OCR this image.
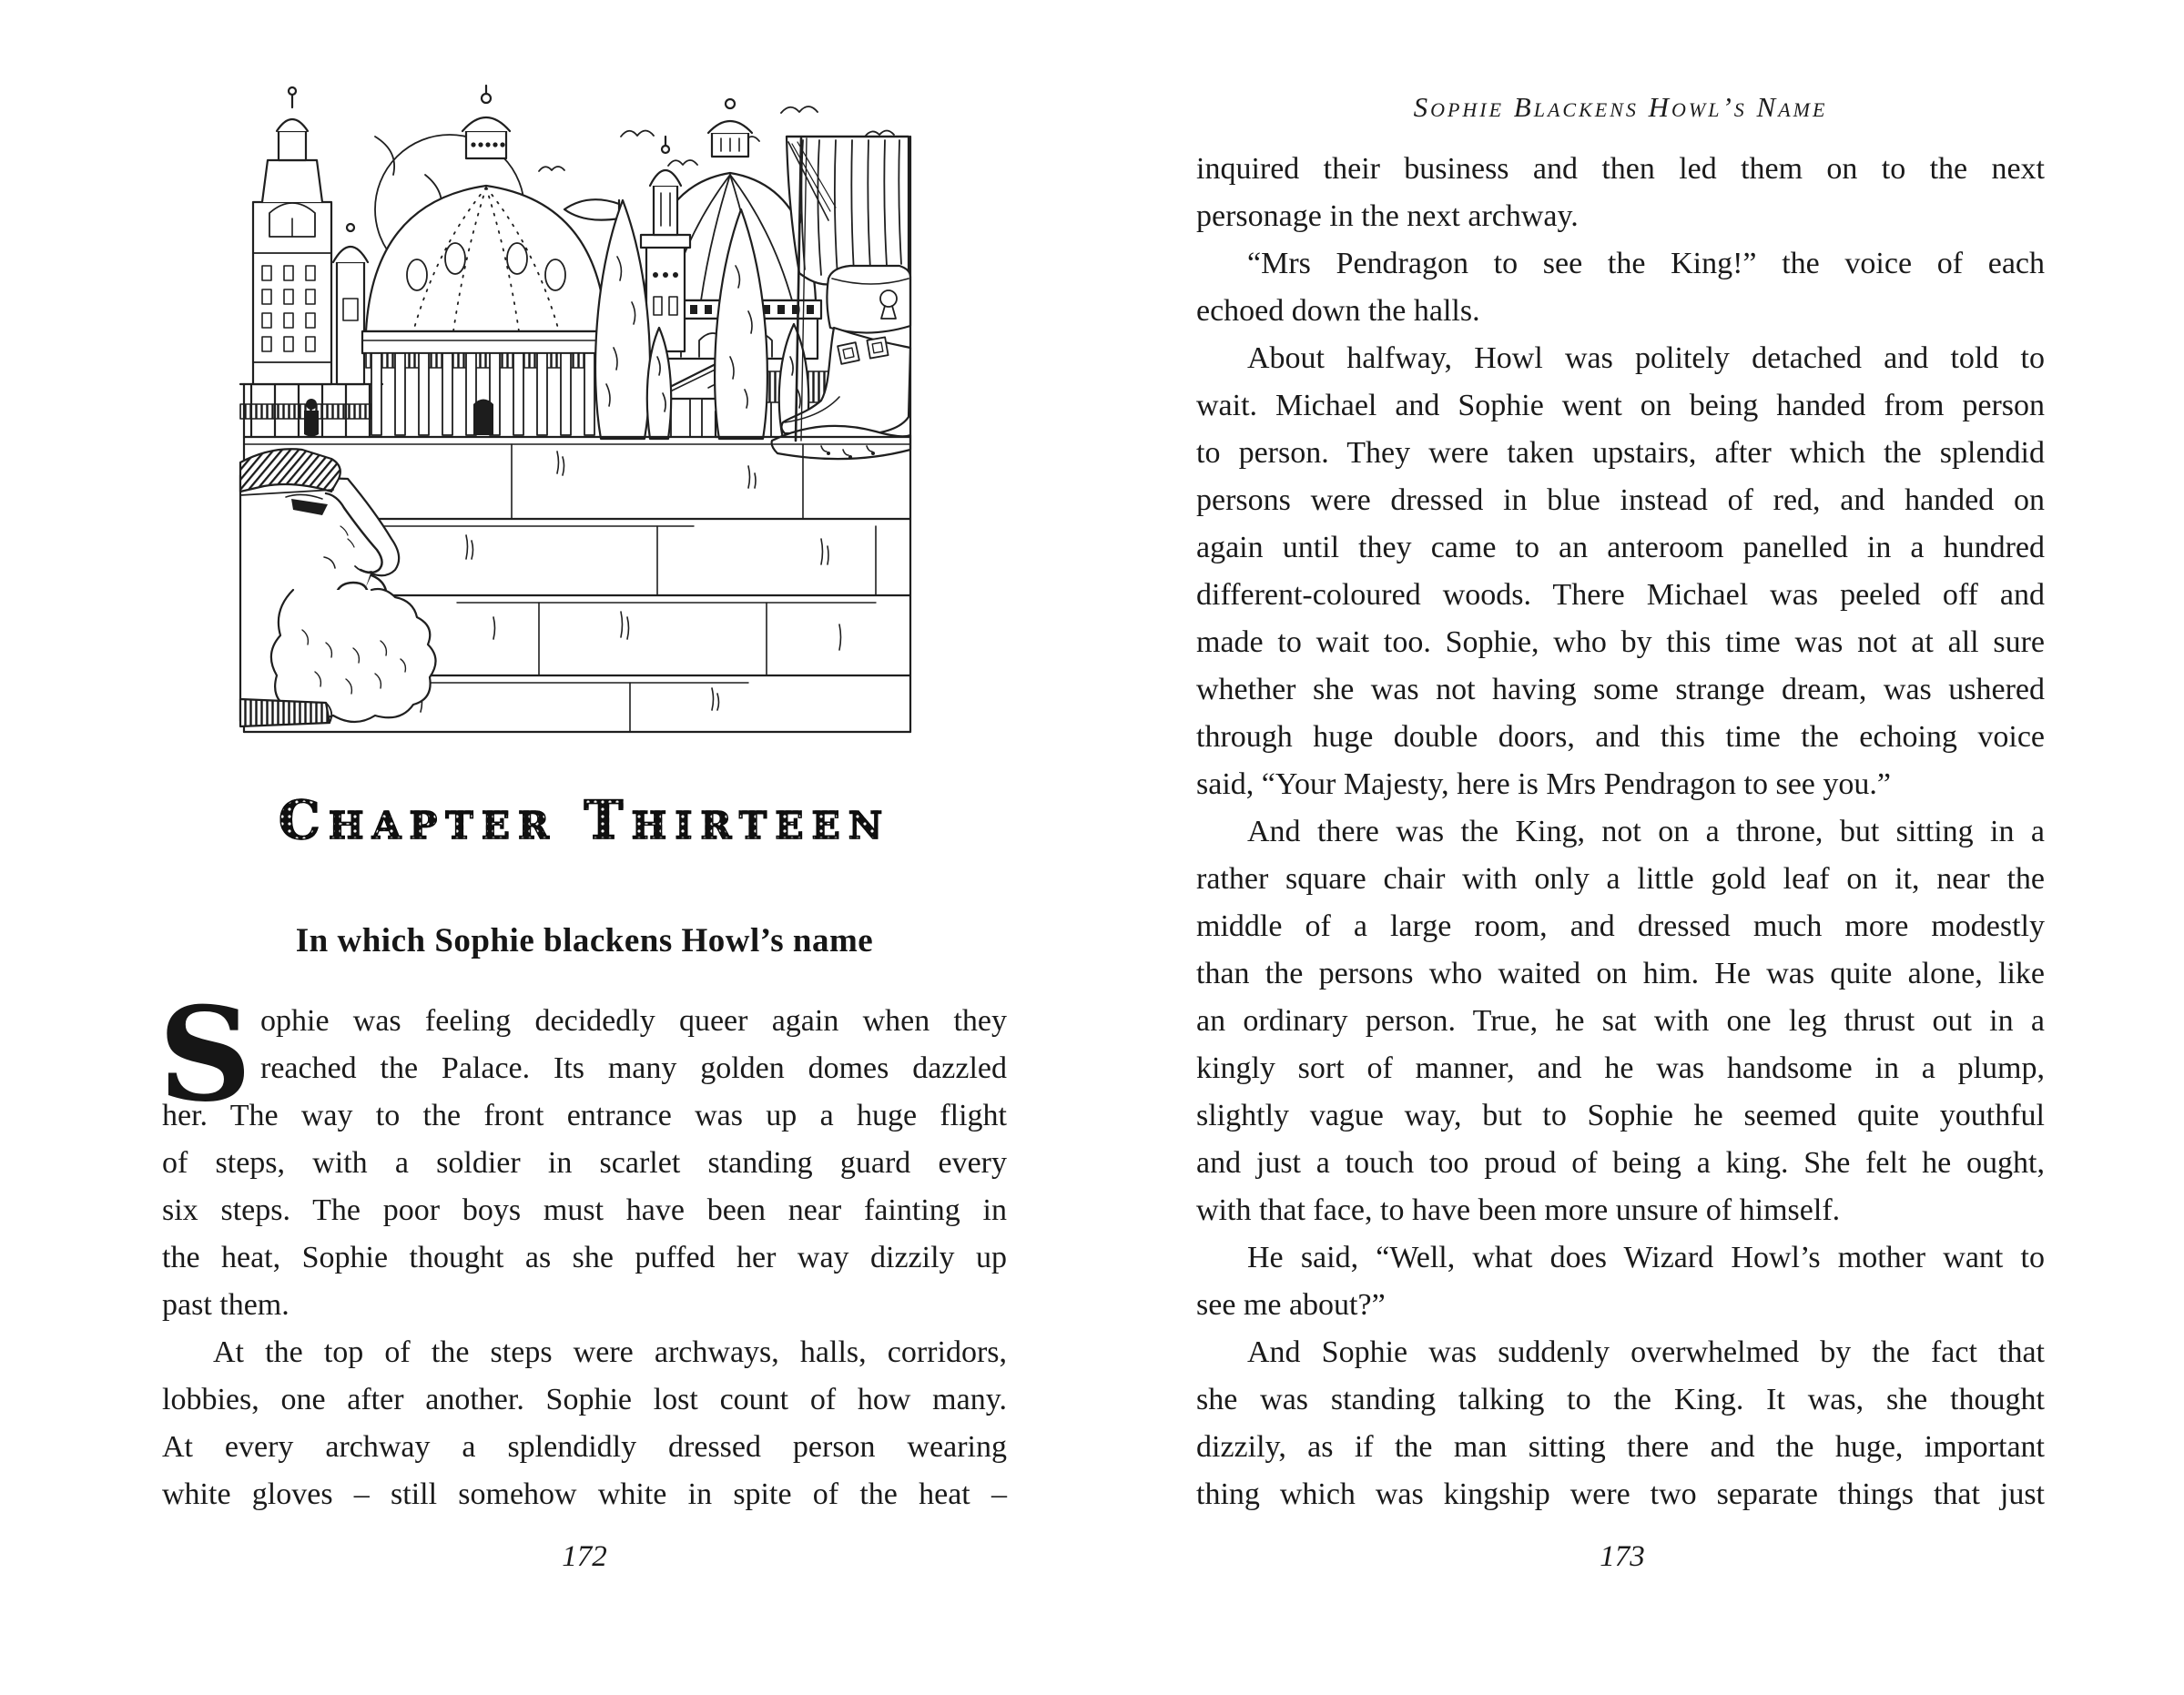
Chapter Thirteen
In which Sophie blackens Howl’s name
S ophie was feeling decidedly queer again when they
reached the Palace. Its many golden domes dazzled
her. The way to the front entrance was up a huge flight
of steps, with a soldier in scarlet standing guard every
six steps. The poor boys must have been near fainting in
the heat, Sophie thought as she puffed her way dizzily up
past them.
At the top of the steps were archways, halls, corridors,
lobbies, one after another. Sophie lost count of how many.
At every archway a splendidly dressed person wearing
white gloves – still somehow white in spite of the heat –
172
Sophie Blackens Howl’s Name
inquired their business and then led them on to the next
personage in the next archway.
“Mrs Pendragon to see the King!” the voice of each
echoed down the halls.
About halfway, Howl was politely detached and told to
wait. Michael and Sophie went on being handed from person
to person. They were taken upstairs, after which the splendid
persons were dressed in blue instead of red, and handed on
again until they came to an anteroom panelled in a hundred
different-coloured woods. There Michael was peeled off and
made to wait too. Sophie, who by this time was not at all sure
whether she was not having some strange dream, was ushered
through huge double doors, and this time the echoing voice
said, “Your Majesty, here is Mrs Pendragon to see you.”
And there was the King, not on a throne, but sitting in a
rather square chair with only a little gold leaf on it, near the
middle of a large room, and dressed much more modestly
than the persons who waited on him. He was quite alone, like
an ordinary person. True, he sat with one leg thrust out in a
kingly sort of manner, and he was handsome in a plump,
slightly vague way, but to Sophie he seemed quite youthful
and just a touch too proud of being a king. She felt he ought,
with that face, to have been more unsure of himself.
He said, “Well, what does Wizard Howl’s mother want to
see me about?”
And Sophie was suddenly overwhelmed by the fact that
she was standing talking to the King. It was, she thought
dizzily, as if the man sitting there and the huge, important
thing which was kingship were two separate things that just
173
